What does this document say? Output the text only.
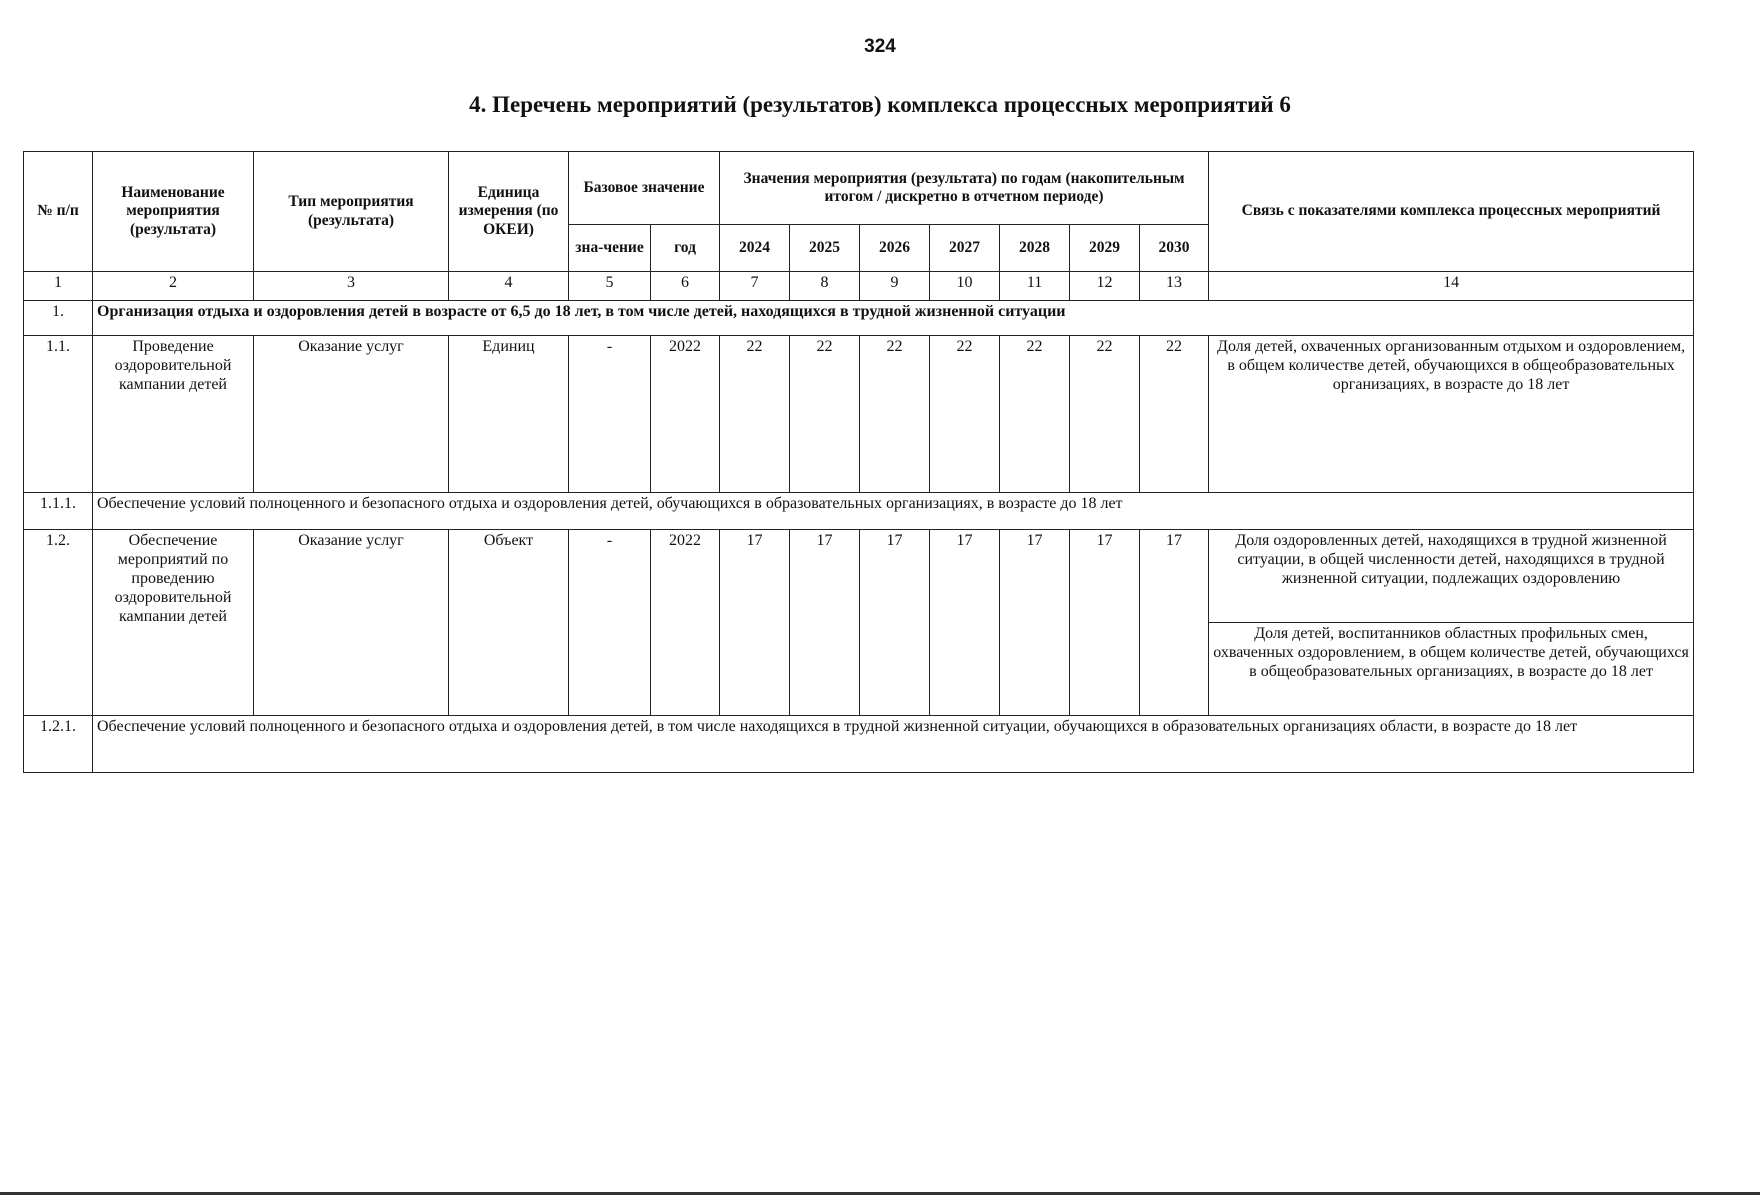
324
4. Перечень мероприятий (результатов) комплекса процессных мероприятий 6
№ п/п	Наименование мероприятия (результата)	Тип мероприятия (результата)	Единица измерения (по ОКЕИ)	Базовое значение		Значения мероприятия (результата) по годам (накопительным итогом / дискретно в отчетном периоде)							Связь с показателями комплекса процессных мероприятий
				зна-чение	год	2024	2025	2026	2027	2028	2029	2030	
1	2	3	4	5	6	7	8	9	10	11	12	13	14
1.	Организация отдыха и оздоровления детей в возрасте от 6,5 до 18 лет, в том числе детей, находящихся в трудной жизненной ситуации												
1.1.	Проведение оздоровительной кампании детей	Оказание услуг	Единиц	-	2022	22	22	22	22	22	22	22	Доля детей, охваченных организованным отдыхом и оздоровлением, в общем количестве детей, обучающихся в общеобразовательных организациях, в возрасте до 18 лет
1.1.1.	Обеспечение условий полноценного и безопасного отдыха и оздоровления детей, обучающихся в образовательных организациях, в возрасте до 18 лет												
1.2.	Обеспечение мероприятий по проведению оздоровительной кампании детей	Оказание услуг	Объект	-	2022	17	17	17	17	17	17	17	Доля оздоровленных детей, находящихся в трудной жизненной ситуации, в общей численности детей, находящихся в трудной жизненной ситуации, подлежащих оздоровлению
													Доля детей, воспитанников областных профильных смен, охваченных оздоровлением, в общем количестве детей, обучающихся в общеобразовательных организациях, в возрасте до 18 лет
1.2.1.	Обеспечение условий полноценного и безопасного отдыха и оздоровления детей, в том числе находящихся в трудной жизненной ситуации, обучающихся в образовательных организациях области, в возрасте до 18 лет												
